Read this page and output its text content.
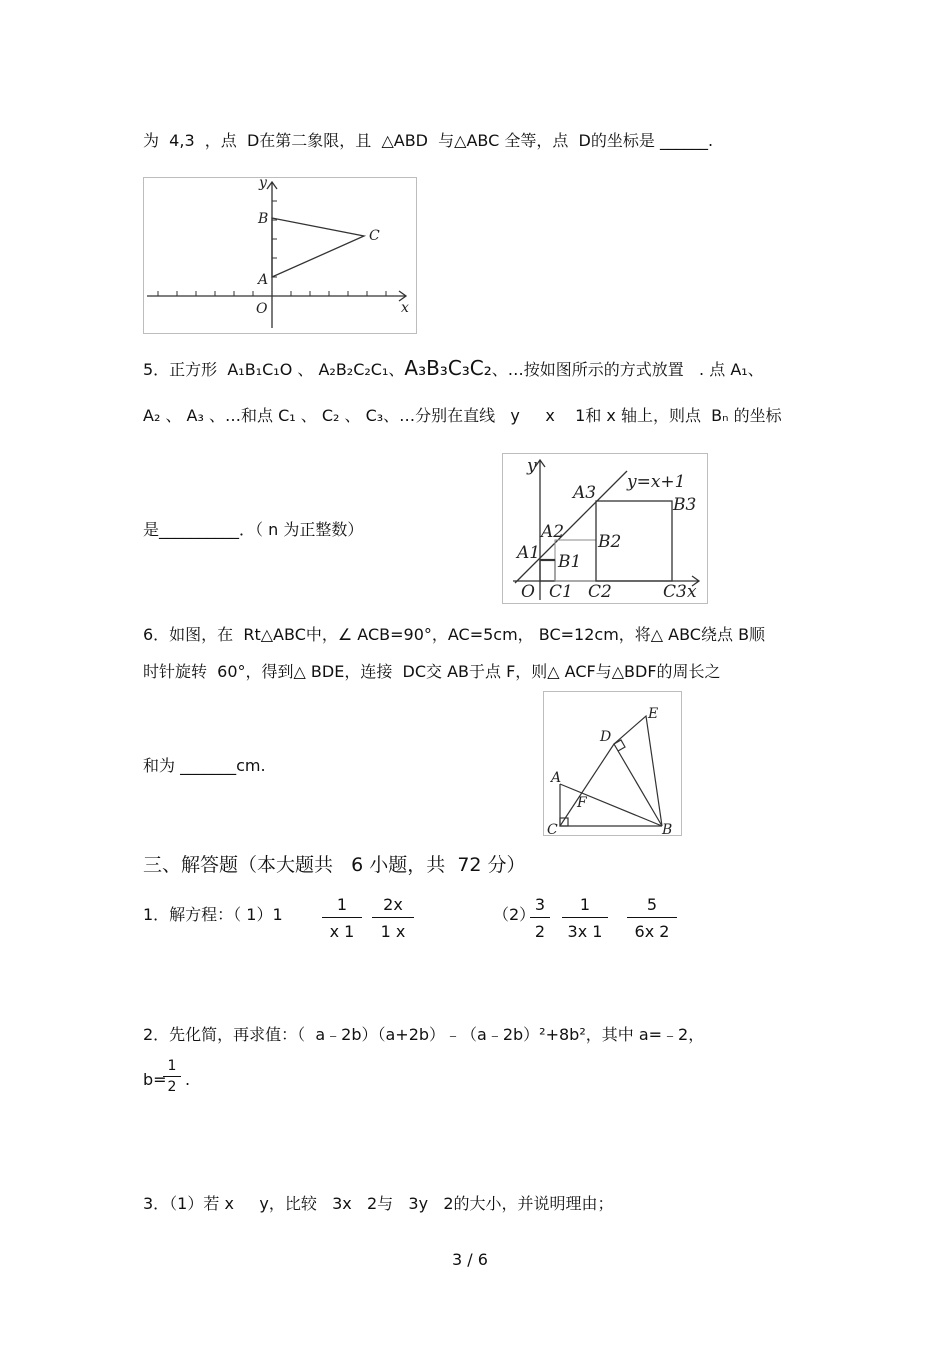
为  4,3  ，点  D在第二象限，且  △ABD  与△ABC 全等，点  D的坐标是 ______.
y
B
C
A
O	x
5．正方形  A₁B₁C₁O 、 A₂B₂C₂C₁、A₃B₃C₃C₂、…按如图所示的方式放置   . 点 A₁、
A₂ 、 A₃ 、…和点 C₁ 、 C₂ 、 C₃、…分别在直线   y     x    1和 x 轴上，则点  Bₙ 的坐标
是__________．（ n 为正整数）
y
y=x+1
A3
B3
A2 B2
A1 B1
O C1 C2	C3 x
6．如图，在  Rt△ABC中，∠ ACB=90°，AC=5cm， BC=12cm，将△ ABC绕点 B顺
时针旋转  60°，得到△ BDE，连接  DC交 AB于点 F，则△ ACF与△BDF的周长之
和为 _______cm.
E
D
A
F
C	B
三、解答题（本大题共   6 小题，共  72 分）
1．解方程：（ 1）1
1
x 1
2x
1 x
（2）
3
2
1
3x 1
5
6x 2
2．先化简，再求值：（  a﹣2b）（a+2b）﹣（a﹣2b）²+8b²，其中 a=﹣2，
b=
1
2 .
3．（1）若 x     y，比较   3x   2与   3y   2的大小，并说明理由；
3 / 6
